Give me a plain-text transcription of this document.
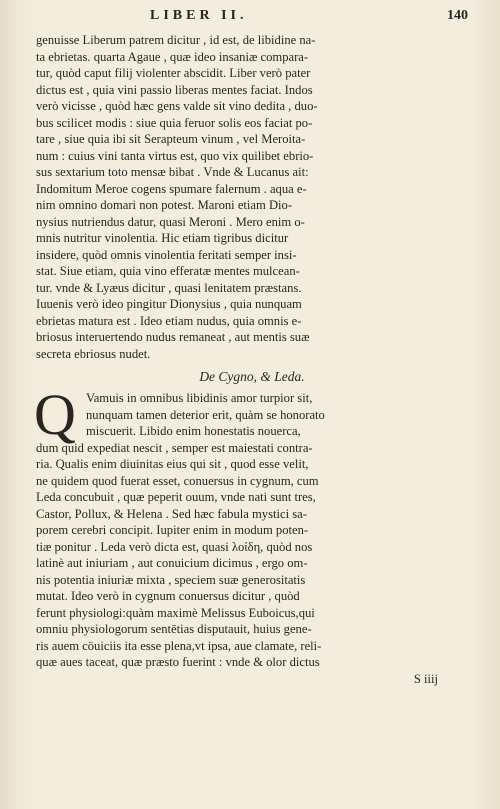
LIBER II.	140
genuisse Liberum patrem dicitur , id est, de libidine na-
ta ebrietas. quarta Agaue , quæ ideo insaniæ compara-
tur, quòd caput filij violenter abscidit. Liber verò pater
dictus est , quia vini passio liberas mentes faciat. Indos
verò vicisse , quòd hæc gens valde sit vino dedita , duo-
bus scilicet modis : siue quia feruor solis eos faciat po-
tare , siue quia ibi sit Serapteum vinum , vel Meroita-
num : cuius vini tanta virtus est, quo vix quilibet ebrio-
sus sextarium toto mensæ bibat . Vnde & Lucanus ait:
Indomitum Meroe cogens spumare falernum . aqua e-
nim omnino domari non potest. Maroni etiam Dio-
nysius nutriendus datur, quasi Meroni . Mero enim o-
mnis nutritur vinolentia. Hic etiam tigribus dicitur
insidere, quòd omnis vinolentia feritati semper insi-
stat. Siue etiam, quia vino efferatæ mentes mulcean-
tur. vnde & Lyæus dicitur , quasi lenitatem præstans.
Iuuenis verò ideo pingitur Dionysius , quia nunquam
ebrietas matura est . Ideo etiam nudus, quia omnis e-
briosus interuertendo nudus remaneat , aut mentis suæ
secreta ebriosus nudet.
De Cygno, & Leda.
Q Vamuis in omnibus libidinis amor turpior sit,
nunquam tamen deterior erit, quàm se honorato
miscuerit. Libido enim honestatis nouerca,
dum quid expediat nescit , semper est maiestati contra-
ria. Qualis enim diuinitas eius qui sit , quod esse velit,
ne quidem quod fuerat esset, conuersus in cygnum, cum
Leda concubuit , quæ peperit ouum, vnde nati sunt tres,
Castor, Pollux, & Helena . Sed hæc fabula mystici sa-
porem cerebri concipit. Iupiter enim in modum poten-
tiæ ponitur . Leda verò dicta est, quasi λοίδη, quòd nos
latinè aut iniuriam , aut conuicium dicimus , ergo om-
nis potentia iniuriæ mixta , speciem suæ generositatis
mutat. Ideo verò in cygnum conuersus dicitur , quòd
ferunt physiologi:quàm maximè Melissus Euboicus,qui
omniu physiologorum sentētias disputauit, huius gene-
ris auem cöuiciis ita esse plena,vt ipsa, aue clamate, reli-
quæ aues taceat, quæ præsto fuerint : vnde & olor dictus
S iiij
